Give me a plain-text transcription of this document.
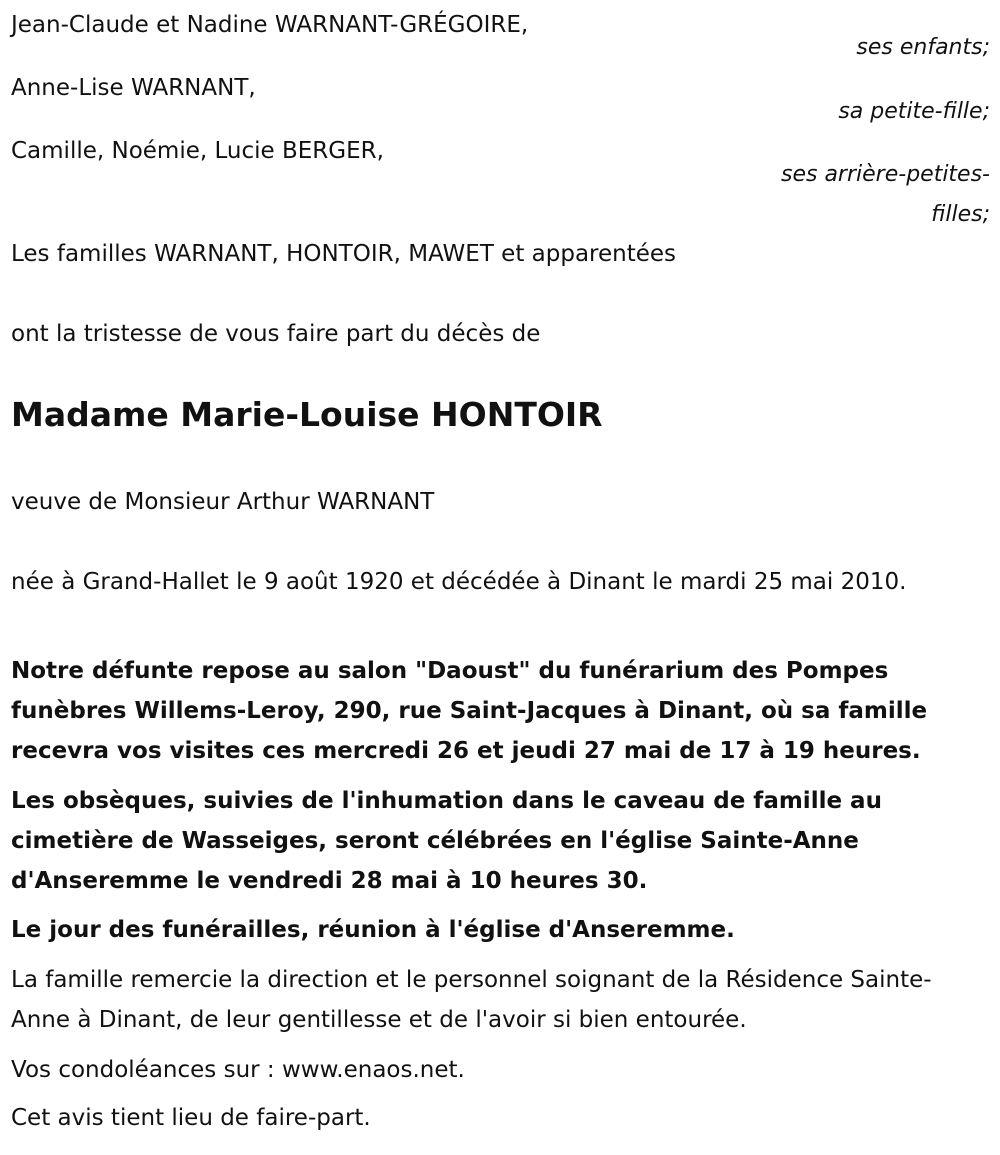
Jean-Claude et Nadine WARNANT-GRÉGOIRE,

ses enfants;

Anne-Lise WARNANT,

sa petite-fille;

Camille, Noémie, Lucie BERGER,

ses arrière-petites-filles;

Les familles WARNANT, HONTOIR, MAWET et apparentées

ont la tristesse de vous faire part du décès de

Madame Marie-Louise HONTOIR

veuve de Monsieur Arthur WARNANT

née à Grand-Hallet le 9 août 1920 et décédée à Dinant le mardi 25 mai 2010.

Notre défunte repose au salon "Daoust" du funérarium des Pompes funèbres Willems-Leroy, 290, rue Saint-Jacques à Dinant, où sa famille recevra vos visites ces mercredi 26 et jeudi 27 mai de 17 à 19 heures.

Les obsèques, suivies de l'inhumation dans le caveau de famille au cimetière de Wasseiges, seront célébrées en l'église Sainte-Anne d'Anseremme le vendredi 28 mai à 10 heures 30.

Le jour des funérailles, réunion à l'église d'Anseremme.

La famille remercie la direction et le personnel soignant de la Résidence Sainte-Anne à Dinant, de leur gentillesse et de l'avoir si bien entourée.

Vos condoléances sur : www.enaos.net.

Cet avis tient lieu de faire-part.
